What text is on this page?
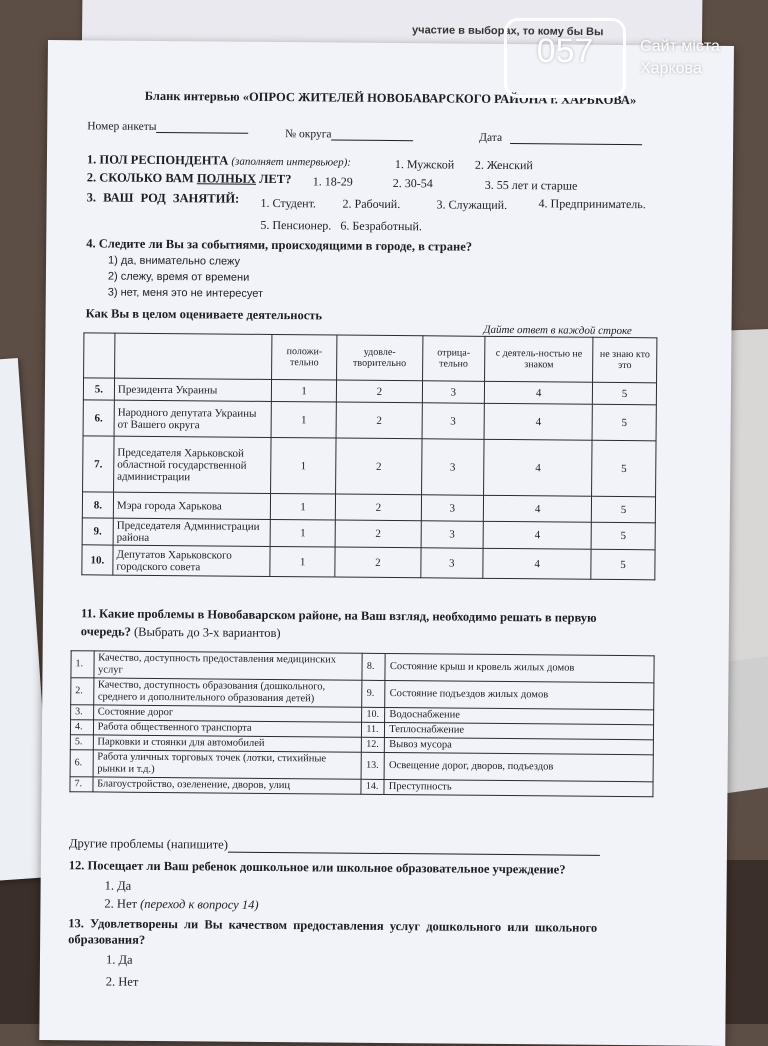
участие в выборах, то кому бы Вы
Бланк интервью «ОПРОС ЖИТЕЛЕЙ НОВОБАВАРСКОГО РАЙОНА г. ХАРЬКОВА»
Номер анкеты
№ округа	Дата
1. ПОЛ РЕСПОНДЕНТА (заполняет интервьюер):	1. Мужской 2. Женский
2. СКОЛЬКО ВАМ ПОЛНЫХ ЛЕТ? 1. 18-29	2. 30-54	3. 55 лет и старше
3. ВАШ РОД ЗАНЯТИЙ: 1. Студент. 2. Рабочий.	3. Служащий.	4. Предприниматель.
5. Пенсионер. 6. Безработный.
4. Следите ли Вы за событиями, происходящими в городе, в стране?
1) да, внимательно слежу
2) слежу, время от времени
3) нет, меня это не интересует
Как Вы в целом оцениваете деятельность
Дайте ответ в каждой строке
		положи-тельно	удовле-творительно	отрица-тельно	с деятель-ностью не знаком	не знаю кто это
5.	Президента Украины	1	2	3	4	5
6.	Народного депутата Украины от Вашего округа	1	2	3	4	5
7.	Председателя Харьковской областной государственной администрации	1	2	3	4	5
8.	Мэра города Харькова	1	2	3	4	5
9.	Председателя Администрации района	1	2	3	4	5
10.	Депутатов Харьковского городского совета	1	2	3	4	5
11. Какие проблемы в Новобаварском районе, на Ваш взгляд, необходимо решать в первую
очередь? (Выбрать до 3-х вариантов)
1.	Качество, доступность предоставления медицинских услуг	8.	Состояние крыш и кровель жилых домов
2.	Качество, доступность образования (дошкольного, среднего и дополнительного образования детей)	9.	Состояние подъездов жилых домов
3.	Состояние дорог	10.	Водоснабжение
4.	Работа общественного транспорта	11.	Теплоснабжение
5.	Парковки и стоянки для автомобилей	12.	Вывоз мусора
6.	Работа уличных торговых точек (лотки, стихийные рынки и т.д.)	13.	Освещение дорог, дворов, подъездов
7.	Благоустройство, озеленение, дворов, улиц	14.	Преступность
Другие проблемы (напишите)
12. Посещает ли Ваш ребенок дошкольное или школьное образовательное учреждение?
1. Да
2. Нет (переход к вопросу 14)
13. Удовлетворены ли Вы качеством предоставления услуг дошкольного или школьного
образования?
1. Да
2. Нет
057	Сайт міста
Харкова
